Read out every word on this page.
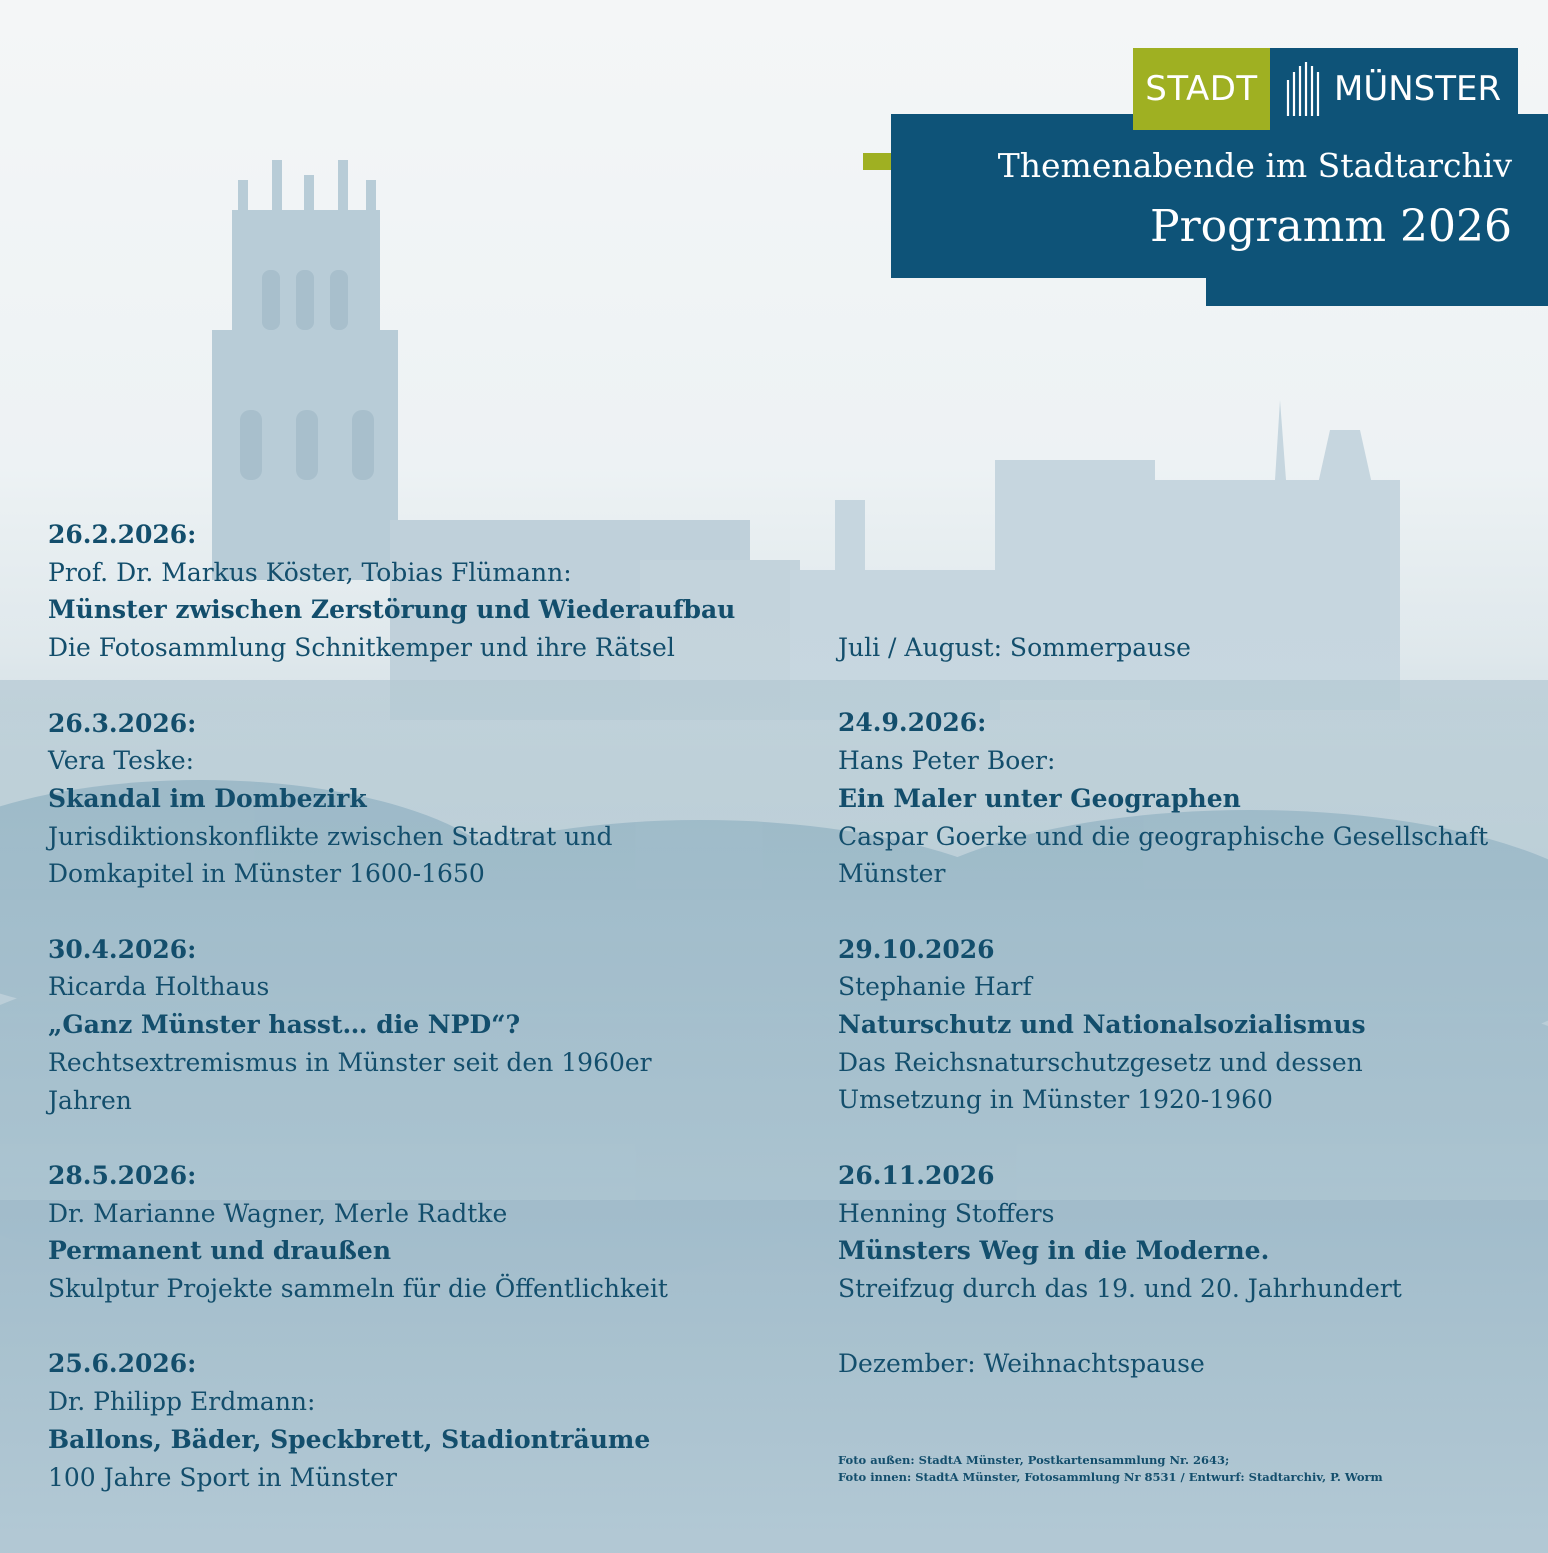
STADT	MÜNSTER
Themenabende im Stadtarchiv
Programm 2026
26.2.2026:
Prof. Dr. Markus Köster, Tobias Flümann:
Münster zwischen Zerstörung und Wiederaufbau
Die Fotosammlung Schnitkemper und ihre Rätsel
26.3.2026:
Vera Teske:
Skandal im Dombezirk
Jurisdiktionskonflikte zwischen Stadtrat und
Domkapitel in Münster 1600-1650
30.4.2026:
Ricarda Holthaus
„Ganz Münster hasst… die NPD“?
Rechtsextremismus in Münster seit den 1960er
Jahren
28.5.2026:
Dr. Marianne Wagner, Merle Radtke
Permanent und draußen
Skulptur Projekte sammeln für die Öffentlichkeit
25.6.2026:
Dr. Philipp Erdmann:
Ballons, Bäder, Speckbrett, Stadionträume
100 Jahre Sport in Münster
Juli / August: Sommerpause
24.9.2026:
Hans Peter Boer:
Ein Maler unter Geographen
Caspar Goerke und die geographische Gesellschaft
Münster
29.10.2026
Stephanie Harf
Naturschutz und Nationalsozialismus
Das Reichsnaturschutzgesetz und dessen
Umsetzung in Münster 1920-1960
26.11.2026
Henning Stoffers
Münsters Weg in die Moderne.
Streifzug durch das 19. und 20. Jahrhundert
Dezember: Weihnachtspause
Foto außen: StadtA Münster, Postkartensammlung Nr. 2643;
Foto innen: StadtA Münster, Fotosammlung Nr 8531 / Entwurf: Stadtarchiv, P. Worm
